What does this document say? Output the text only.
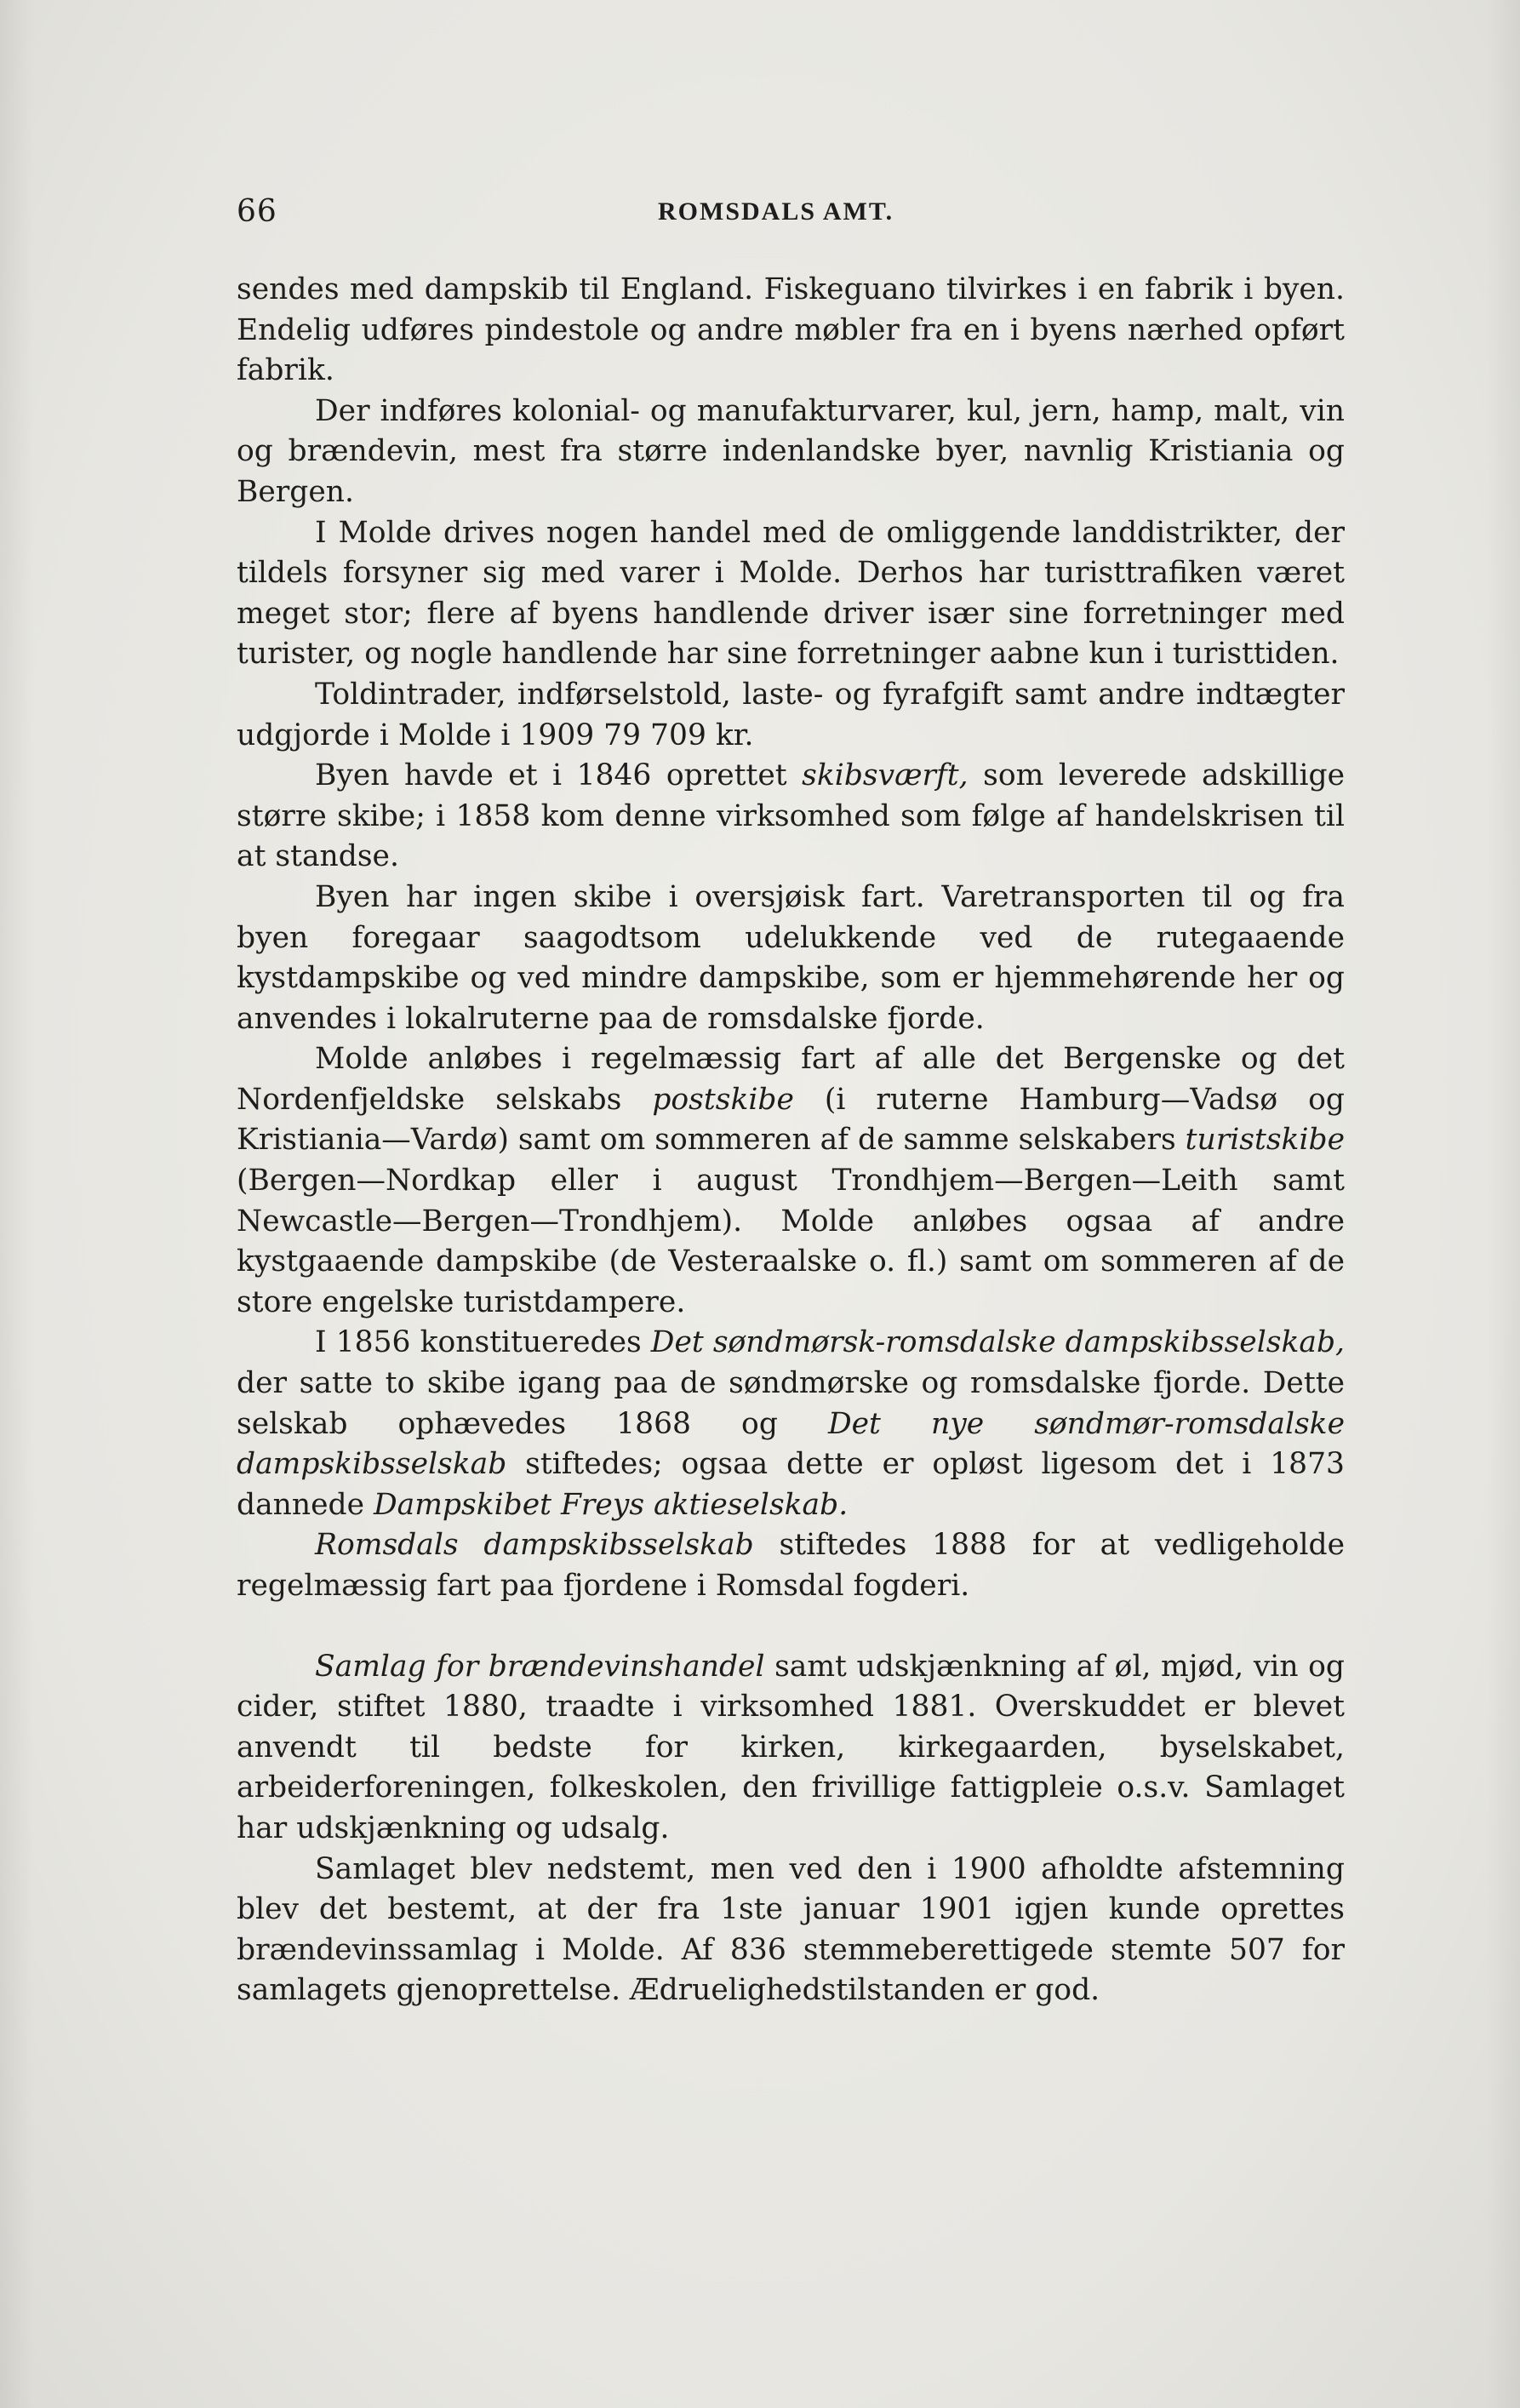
66	ROMSDALS AMT.

sendes med dampskib til England. Fiskeguano tilvirkes i en fabrik i byen. Endelig udføres pindestole og andre møbler fra en i byens nærhed opført fabrik.

Der indføres kolonial- og manufakturvarer, kul, jern, hamp, malt, vin og brændevin, mest fra større indenlandske byer, navnlig Kristiania og Bergen.

I Molde drives nogen handel med de omliggende landdistrikter, der tildels forsyner sig med varer i Molde. Derhos har turisttrafiken været meget stor; flere af byens handlende driver især sine forretninger med turister, og nogle handlende har sine forretninger aabne kun i turisttiden.

Toldintrader, indførselstold, laste- og fyrafgift samt andre indtægter udgjorde i Molde i 1909 79 709 kr.

Byen havde et i 1846 oprettet skibsværft, som leverede adskillige større skibe; i 1858 kom denne virksomhed som følge af handelskrisen til at standse.

Byen har ingen skibe i oversjøisk fart. Varetransporten til og fra byen foregaar saagodtsom udelukkende ved de rutegaaende kystdampskibe og ved mindre dampskibe, som er hjemmehørende her og anvendes i lokalruterne paa de romsdalske fjorde.

Molde anløbes i regelmæssig fart af alle det Bergenske og det Nordenfjeldske selskabs postskibe (i ruterne Hamburg—Vadsø og Kristiania—Vardø) samt om sommeren af de samme selskabers turistskibe (Bergen—Nordkap eller i august Trondhjem—Bergen—Leith samt Newcastle—Bergen—Trondhjem). Molde anløbes ogsaa af andre kystgaaende dampskibe (de Vesteraalske o. fl.) samt om sommeren af de store engelske turistdampere.

I 1856 konstitueredes Det søndmørsk-romsdalske dampskibsselskab, der satte to skibe igang paa de søndmørske og romsdalske fjorde. Dette selskab ophævedes 1868 og Det nye søndmør-romsdalske dampskibsselskab stiftedes; ogsaa dette er opløst ligesom det i 1873 dannede Dampskibet Freys aktieselskab.

Romsdals dampskibsselskab stiftedes 1888 for at vedligeholde regelmæssig fart paa fjordene i Romsdal fogderi.

Samlag for brændevinshandel samt udskjænkning af øl, mjød, vin og cider, stiftet 1880, traadte i virksomhed 1881. Overskuddet er blevet anvendt til bedste for kirken, kirkegaarden, byselskabet, arbeiderforeningen, folkeskolen, den frivillige fattigpleie o.s.v. Samlaget har udskjænkning og udsalg.

Samlaget blev nedstemt, men ved den i 1900 afholdte afstemning blev det bestemt, at der fra 1ste januar 1901 igjen kunde oprettes brændevinssamlag i Molde. Af 836 stemmeberettigede stemte 507 for samlagets gjenoprettelse. Ædruelighedstilstanden er god.
